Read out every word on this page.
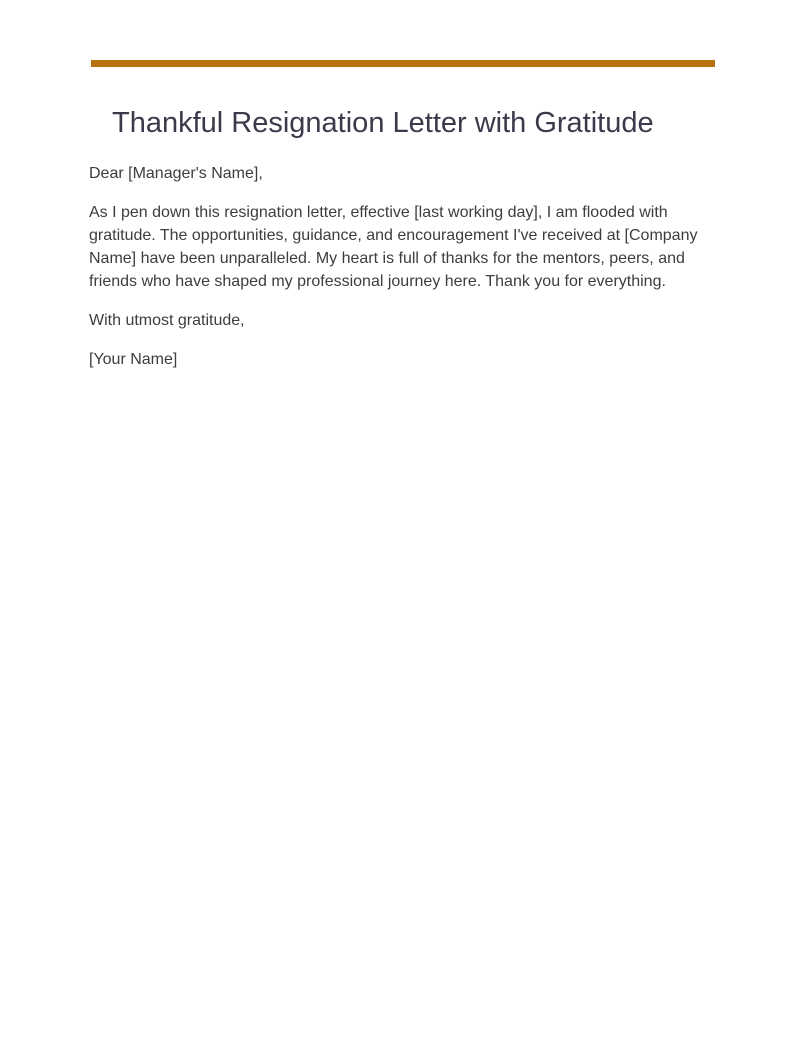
Thankful Resignation Letter with Gratitude

Dear [Manager's Name],

As I pen down this resignation letter, effective [last working day], I am flooded with gratitude. The opportunities, guidance, and encouragement I've received at [Company Name] have been unparalleled. My heart is full of thanks for the mentors, peers, and friends who have shaped my professional journey here. Thank you for everything.

With utmost gratitude,

[Your Name]
